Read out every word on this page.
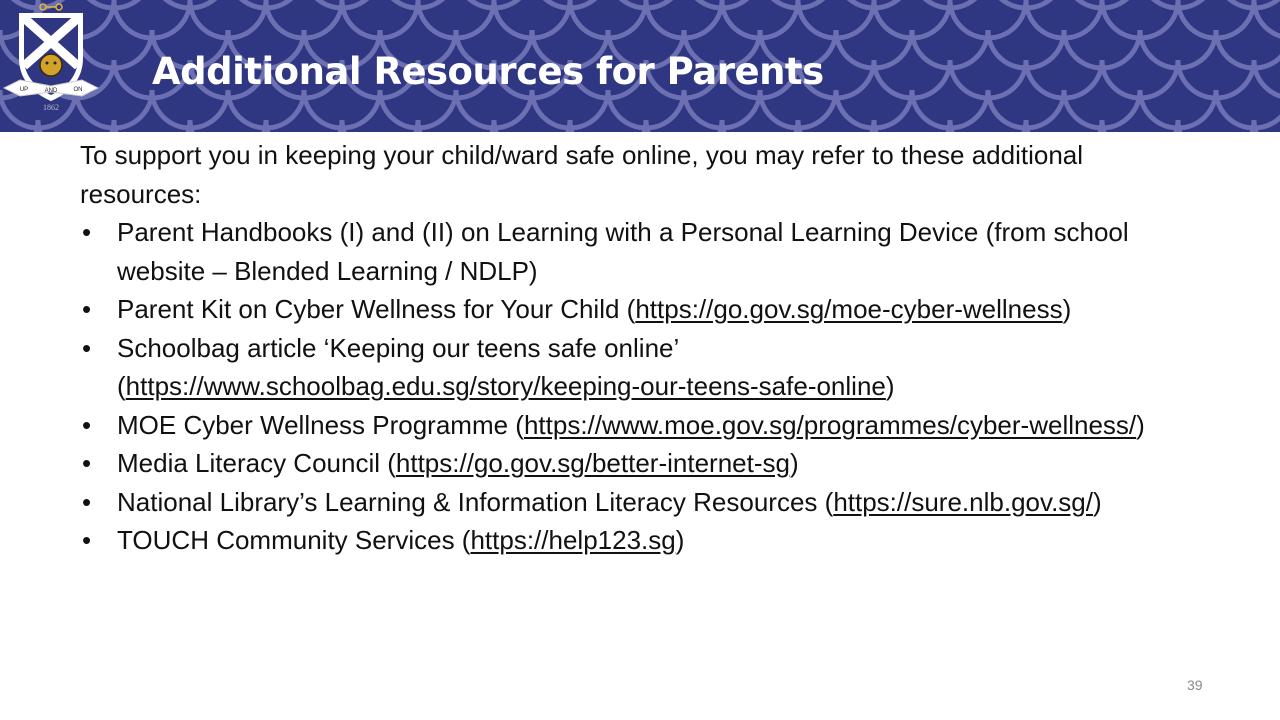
UP	AND	ON
1862
Additional Resources for Parents

To support you in keeping your child/ward safe online, you may refer to these additional resources:

• Parent Handbooks (I) and (II) on Learning with a Personal Learning Device (from school website – Blended Learning / NDLP)
• Parent Kit on Cyber Wellness for Your Child (https://go.gov.sg/moe-cyber-wellness)
• Schoolbag article ‘Keeping our teens safe online’ (https://www.schoolbag.edu.sg/story/keeping-our-teens-safe-online)
• MOE Cyber Wellness Programme (https://www.moe.gov.sg/programmes/cyber-wellness/)
• Media Literacy Council (https://go.gov.sg/better-internet-sg)
• National Library’s Learning & Information Literacy Resources (https://sure.nlb.gov.sg/)
• TOUCH Community Services (https://help123.sg)
39
